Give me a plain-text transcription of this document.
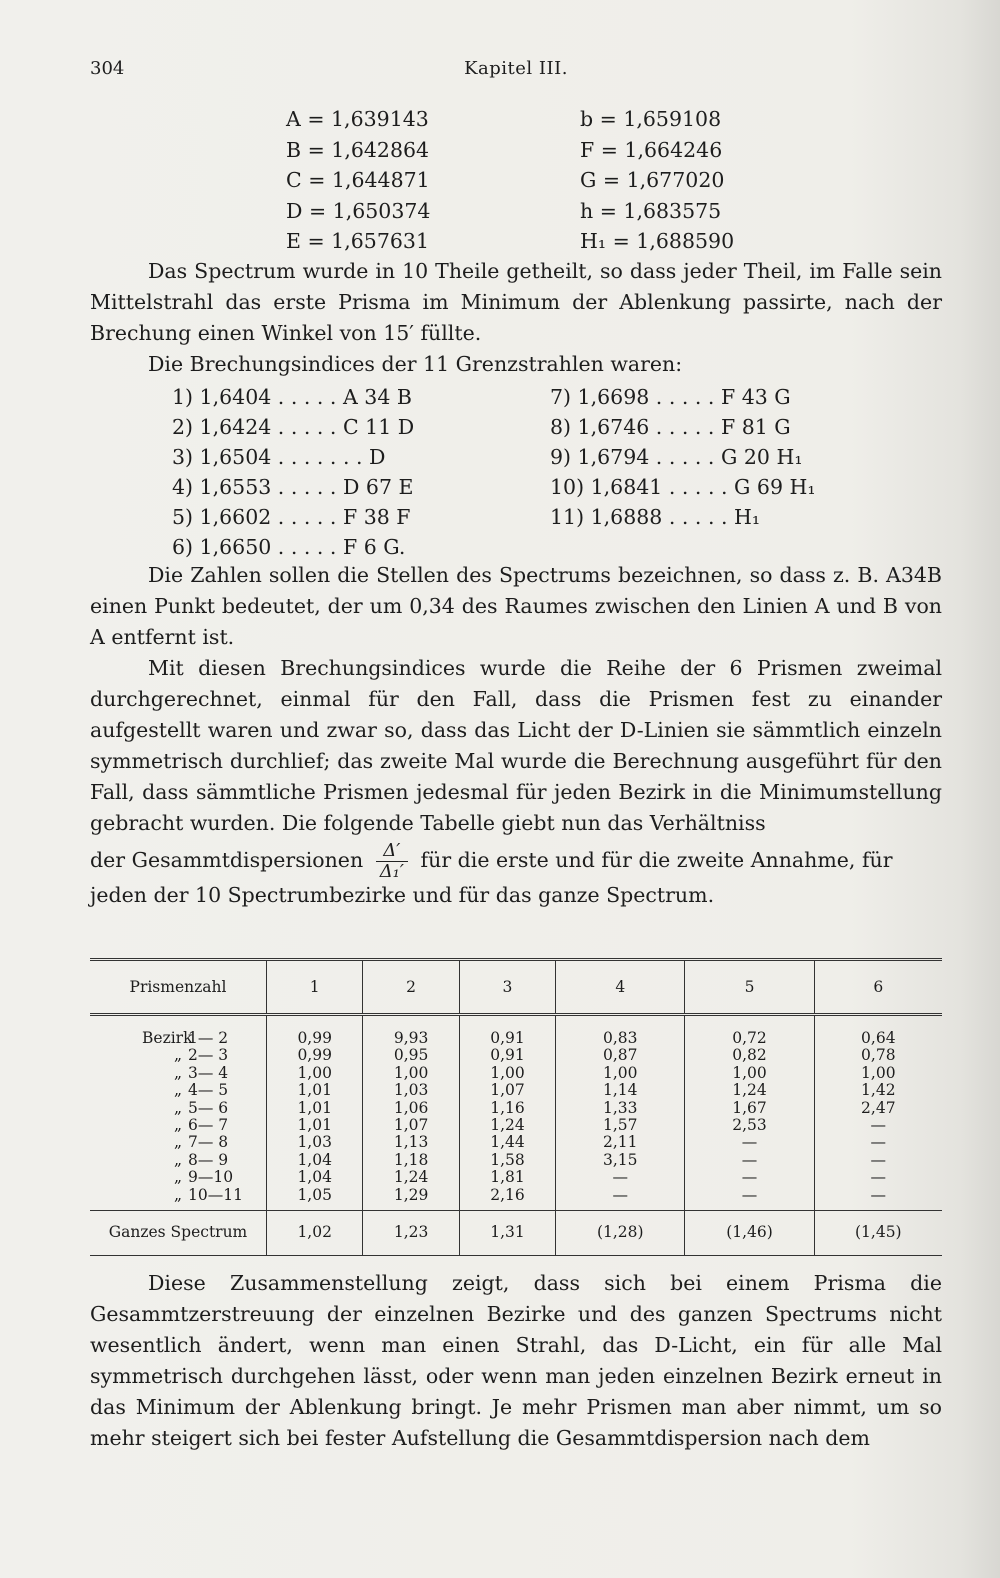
304	Kapitel III.
A = 1,639143
B = 1,642864
C = 1,644871
D = 1,650374
E = 1,657631
b = 1,659108
F = 1,664246
G = 1,677020
h = 1,683575
H₁ = 1,688590

Das Spectrum wurde in 10 Theile getheilt, so dass jeder Theil, im Falle sein Mittelstrahl das erste Prisma im Minimum der Ablenkung passirte, nach der Brechung einen Winkel von 15′ füllte.

Die Brechungsindices der 11 Grenzstrahlen waren:

1) 1,6404 . . . . . A 34 B
2) 1,6424 . . . . . C 11 D
3) 1,6504 . . . . . . . D
4) 1,6553 . . . . . D 67 E
5) 1,6602 . . . . . F 38 F
6) 1,6650 . . . . . F 6 G.
7) 1,6698 . . . . . F 43 G
8) 1,6746 . . . . . F 81 G
9) 1,6794 . . . . . G 20 H₁
10) 1,6841 . . . . . G 69 H₁
11) 1,6888 . . . . . H₁

Die Zahlen sollen die Stellen des Spectrums bezeichnen, so dass z. B. A34B einen Punkt bedeutet, der um 0,34 des Raumes zwischen den Linien A und B von A entfernt ist.

Mit diesen Brechungsindices wurde die Reihe der 6 Prismen zweimal durchgerechnet, einmal für den Fall, dass die Prismen fest zu einander aufgestellt waren und zwar so, dass das Licht der D-Linien sie sämmtlich einzeln symmetrisch durchlief; das zweite Mal wurde die Berechnung ausgeführt für den Fall, dass sämmtliche Prismen jedesmal für jeden Bezirk in die Minimumstellung gebracht wurden. Die folgende Tabelle giebt nun das Verhältniss

der Gesammtdispersionen $\frac{\Delta'}{\text{Δ₁′}}$ für die erste und für die zweite Annahme, für

jeden der 10 Spectrumbezirke und für das ganze Spectrum.

Prismenzahl	1	2	3	4	5	6

Bezirk
1— 2	0,99	9,93	0,91	0,83	0,72	0,64

„ 2— 3	0,99	0,95	0,91	0,87	0,82	0,78

„ 3— 4	1,00	1,00	1,00	1,00	1,00	1,00

„ 4— 5	1,01	1,03	1,07	1,14	1,24	1,42

„ 5— 6	1,01	1,06	1,16	1,33	1,67	2,47

„ 6— 7	1,01	1,07	1,24	1,57	2,53	—

„ 7— 8	1,03	1,13	1,44	2,11	—	—

„ 8— 9	1,04	1,18	1,58	3,15	—	—

„ 9—10	1,04	1,24	1,81	—	—	—

„ 10—11	1,05	1,29	2,16	—	—	—
Ganzes Spectrum	1,02	1,23	1,31	(1,28)	(1,46)	(1,45)

Diese Zusammenstellung zeigt, dass sich bei einem Prisma die Gesammtzerstreuung der einzelnen Bezirke und des ganzen Spectrums nicht wesentlich ändert, wenn man einen Strahl, das D-Licht, ein für alle Mal symmetrisch durchgehen lässt, oder wenn man jeden einzelnen Bezirk erneut in das Minimum der Ablenkung bringt. Je mehr Prismen man aber nimmt, um so mehr steigert sich bei fester Aufstellung die Gesammtdispersion nach dem
